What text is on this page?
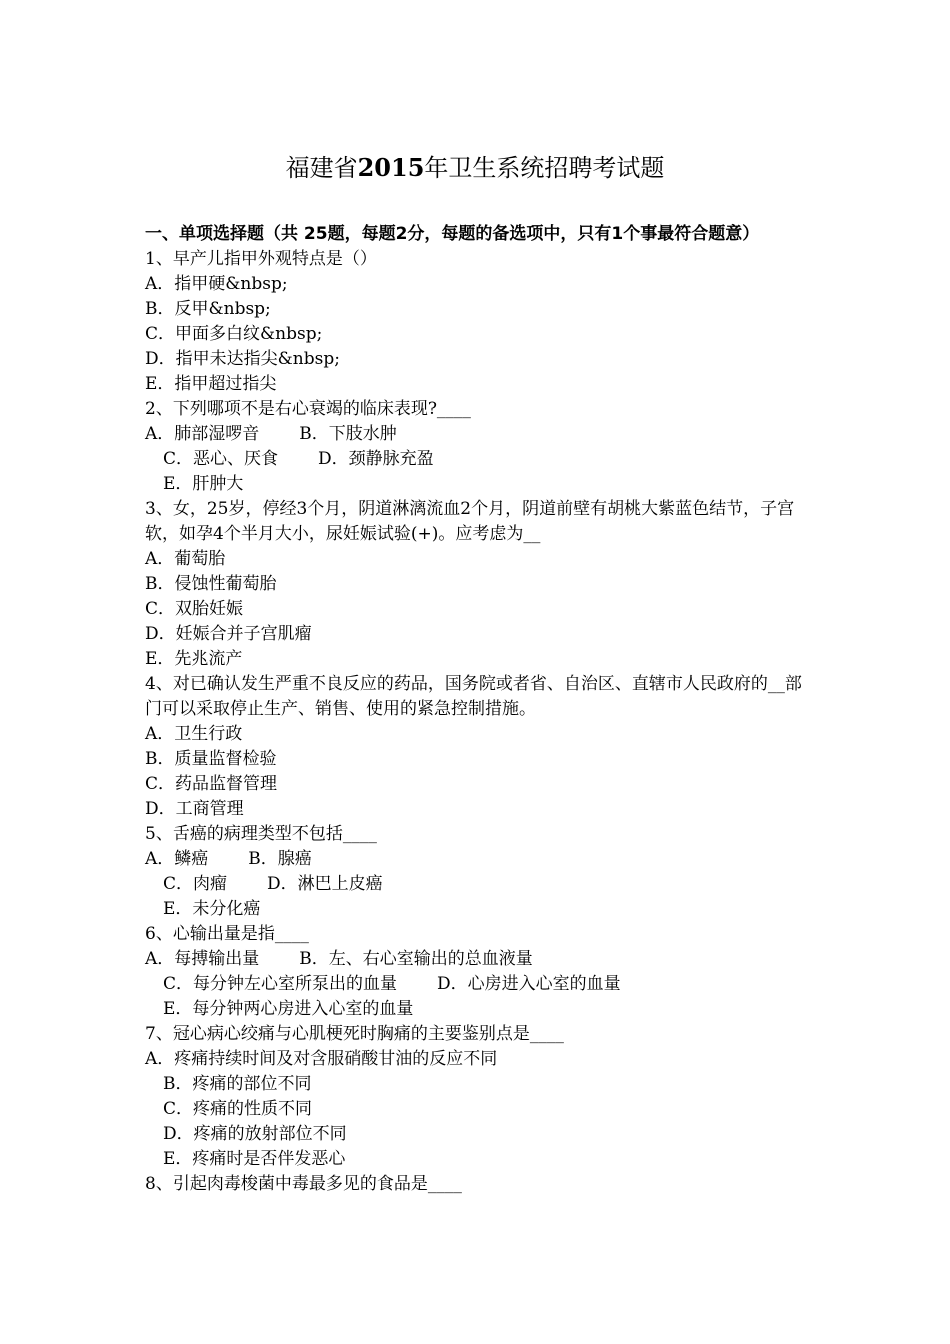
福建省2015年卫生系统招聘考试题

一、单项选择题（共 25题，每题2分，每题的备选项中，只有1个事最符合题意）

1、早产儿指甲外观特点是（）

A．指甲硬&nbsp;

B．反甲&nbsp;

C．甲面多白纹&nbsp;

D．指甲未达指尖&nbsp;

E．指甲超过指尖

2、下列哪项不是右心衰竭的临床表现?____

A．肺部湿啰音 B．下肢水肿

C．恶心、厌食 D．颈静脉充盈

E．肝肿大

3、女，25岁，停经3个月，阴道淋漓流血2个月，阴道前壁有胡桃大紫蓝色结节，子宫软，如孕4个半月大小，尿妊娠试验(+)。应考虑为__

A．葡萄胎

B．侵蚀性葡萄胎

C．双胎妊娠

D．妊娠合并子宫肌瘤

E．先兆流产

4、对已确认发生严重不良反应的药品，国务院或者省、自治区、直辖市人民政府的__部门可以采取停止生产、销售、使用的紧急控制措施。

A．卫生行政

B．质量监督检验

C．药品监督管理

D．工商管理

5、舌癌的病理类型不包括____

A．鳞癌 B．腺癌

C．肉瘤 D．淋巴上皮癌

E．未分化癌

6、心输出量是指____

A．每搏输出量 B．左、右心室输出的总血液量

C．每分钟左心室所泵出的血量 D．心房进入心室的血量

E．每分钟两心房进入心室的血量

7、冠心病心绞痛与心肌梗死时胸痛的主要鉴别点是____

A．疼痛持续时间及对含服硝酸甘油的反应不同

B．疼痛的部位不同

C．疼痛的性质不同

D．疼痛的放射部位不同

E．疼痛时是否伴发恶心

8、引起肉毒梭菌中毒最多见的食品是____
